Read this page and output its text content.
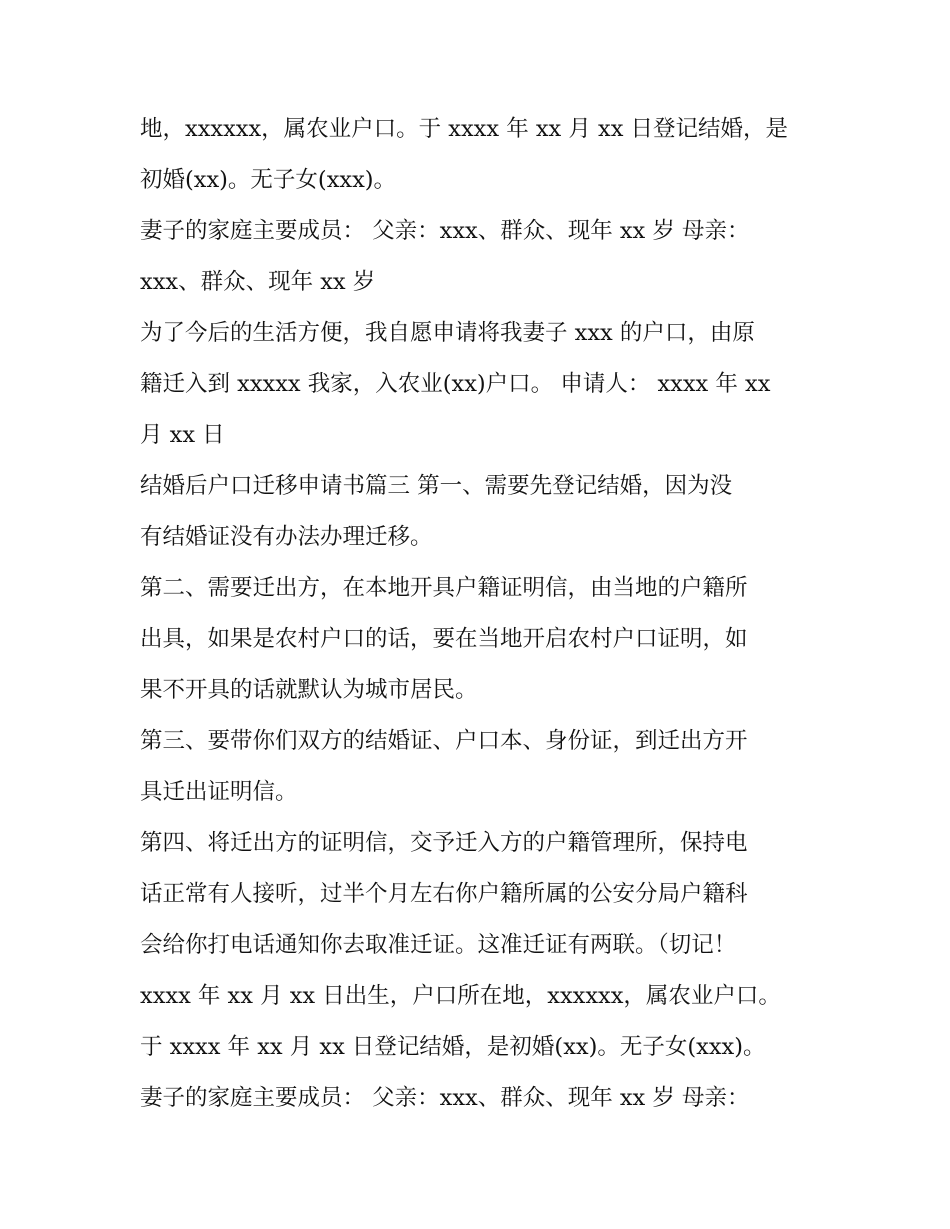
地，xxxxxx，属农业户口。于 xxxx 年 xx 月 xx 日登记结婚，是
初婚(xx)。无子女(xxx)。
妻子的家庭主要成员： 父亲：xxx、群众、现年 xx 岁 母亲：
xxx、群众、现年 xx 岁
为了今后的生活方便，我自愿申请将我妻子 xxx 的户口，由原
籍迁入到 xxxxx 我家，入农业(xx)户口。 申请人： xxxx 年 xx
月 xx 日
结婚后户口迁移申请书篇三 第一、需要先登记结婚，因为没
有结婚证没有办法办理迁移。
第二、需要迁出方，在本地开具户籍证明信，由当地的户籍所
出具，如果是农村户口的话，要在当地开启农村户口证明，如
果不开具的话就默认为城市居民。
第三、要带你们双方的结婚证、户口本、身份证，到迁出方开
具迁出证明信。
第四、将迁出方的证明信，交予迁入方的户籍管理所，保持电
话正常有人接听，过半个月左右你户籍所属的公安分局户籍科
会给你打电话通知你去取准迁证。这准迁证有两联。（切记！
xxxx 年 xx 月 xx 日出生，户口所在地，xxxxxx，属农业户口。
于 xxxx 年 xx 月 xx 日登记结婚，是初婚(xx)。无子女(xxx)。
妻子的家庭主要成员： 父亲：xxx、群众、现年 xx 岁 母亲：
